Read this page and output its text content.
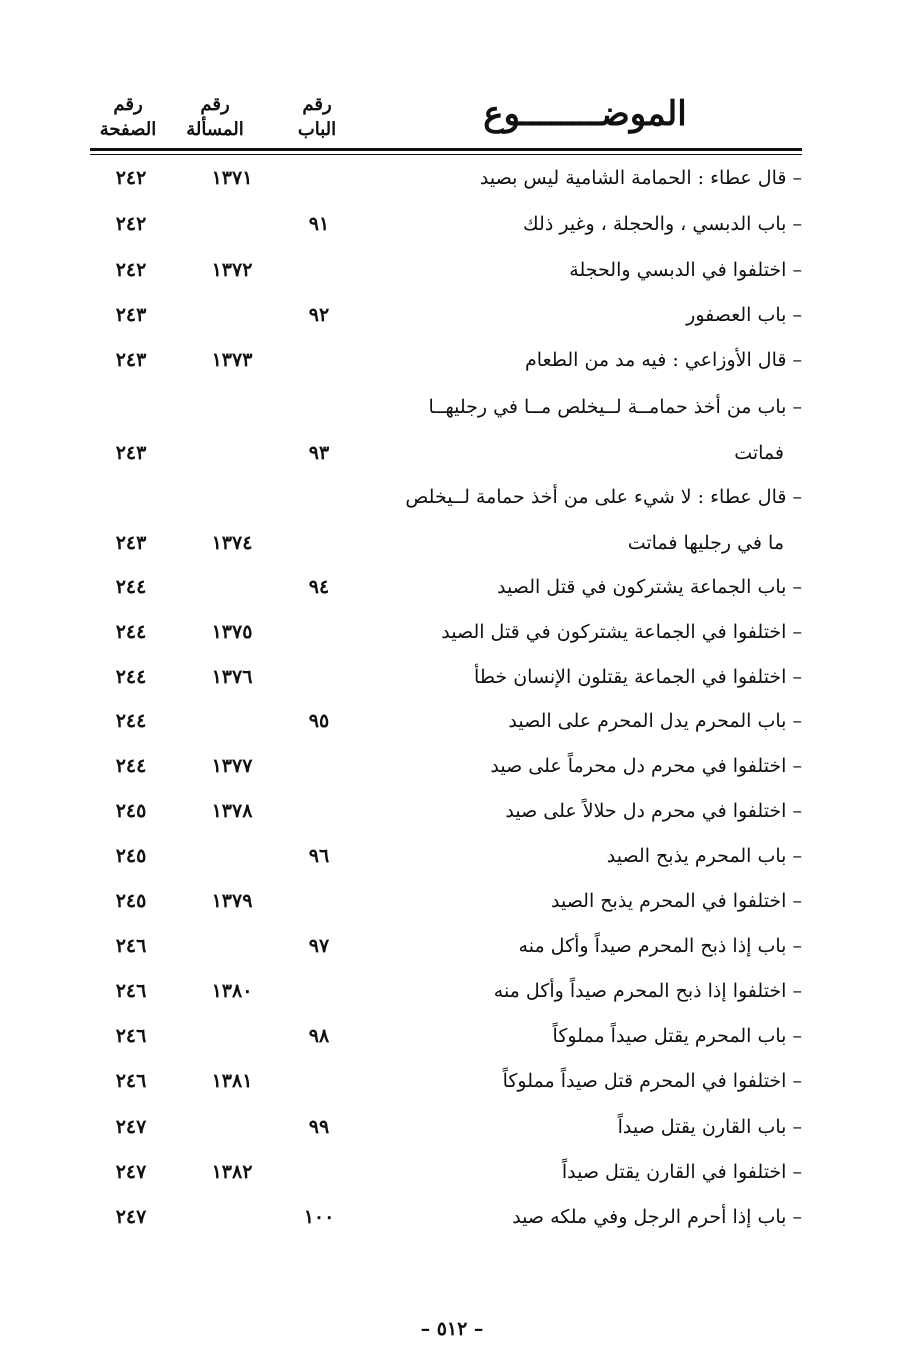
رقم
الصفحة
رقم
المسألة
رقم
الباب	الموضــــــــوع
– قال عطاء : الحمامة الشامية ليس بصيد
١٣٧١
٢٤٢
– باب الدبسي ، والحجلة ، وغير ذلك
٩١
٢٤٢
– اختلفوا في الدبسي والحجلة
١٣٧٢
٢٤٢
– باب العصفور
٩٢
٢٤٣
– قال الأوزاعي : فيه مد من الطعام
١٣٧٣
٢٤٣
– باب من أخذ حمامــة لــيخلص مــا في رجليهــا
فماتت
٩٣
٢٤٣
– قال عطاء : لا شيء على من أخذ حمامة لــيخلص
ما في رجليها فماتت
١٣٧٤
٢٤٣
– باب الجماعة يشتركون في قتل الصيد
٩٤
٢٤٤
– اختلفوا في الجماعة يشتركون في قتل الصيد
١٣٧٥
٢٤٤
– اختلفوا في الجماعة يقتلون الإنسان خطأ
١٣٧٦
٢٤٤
– باب المحرم يدل المحرم على الصيد
٩٥
٢٤٤
– اختلفوا في محرم دل محرماً على صيد
١٣٧٧
٢٤٤
– اختلفوا في محرم دل حلالاً على صيد
١٣٧٨
٢٤٥
– باب المحرم يذبح الصيد
٩٦
٢٤٥
– اختلفوا في المحرم يذبح الصيد
١٣٧٩
٢٤٥
– باب إذا ذبح المحرم صيداً وأكل منه
٩٧
٢٤٦
– اختلفوا إذا ذبح المحرم صيداً وأكل منه
١٣٨٠
٢٤٦
– باب المحرم يقتل صيداً مملوكاً
٩٨
٢٤٦
– اختلفوا في المحرم قتل صيداً مملوكاً
١٣٨١
٢٤٦
– باب القارن يقتل صيداً
٩٩
٢٤٧
– اختلفوا في القارن يقتل صيداً
١٣٨٢
٢٤٧
– باب إذا أحرم الرجل وفي ملكه صيد
١٠٠
٢٤٧
– ٥١٢ –
